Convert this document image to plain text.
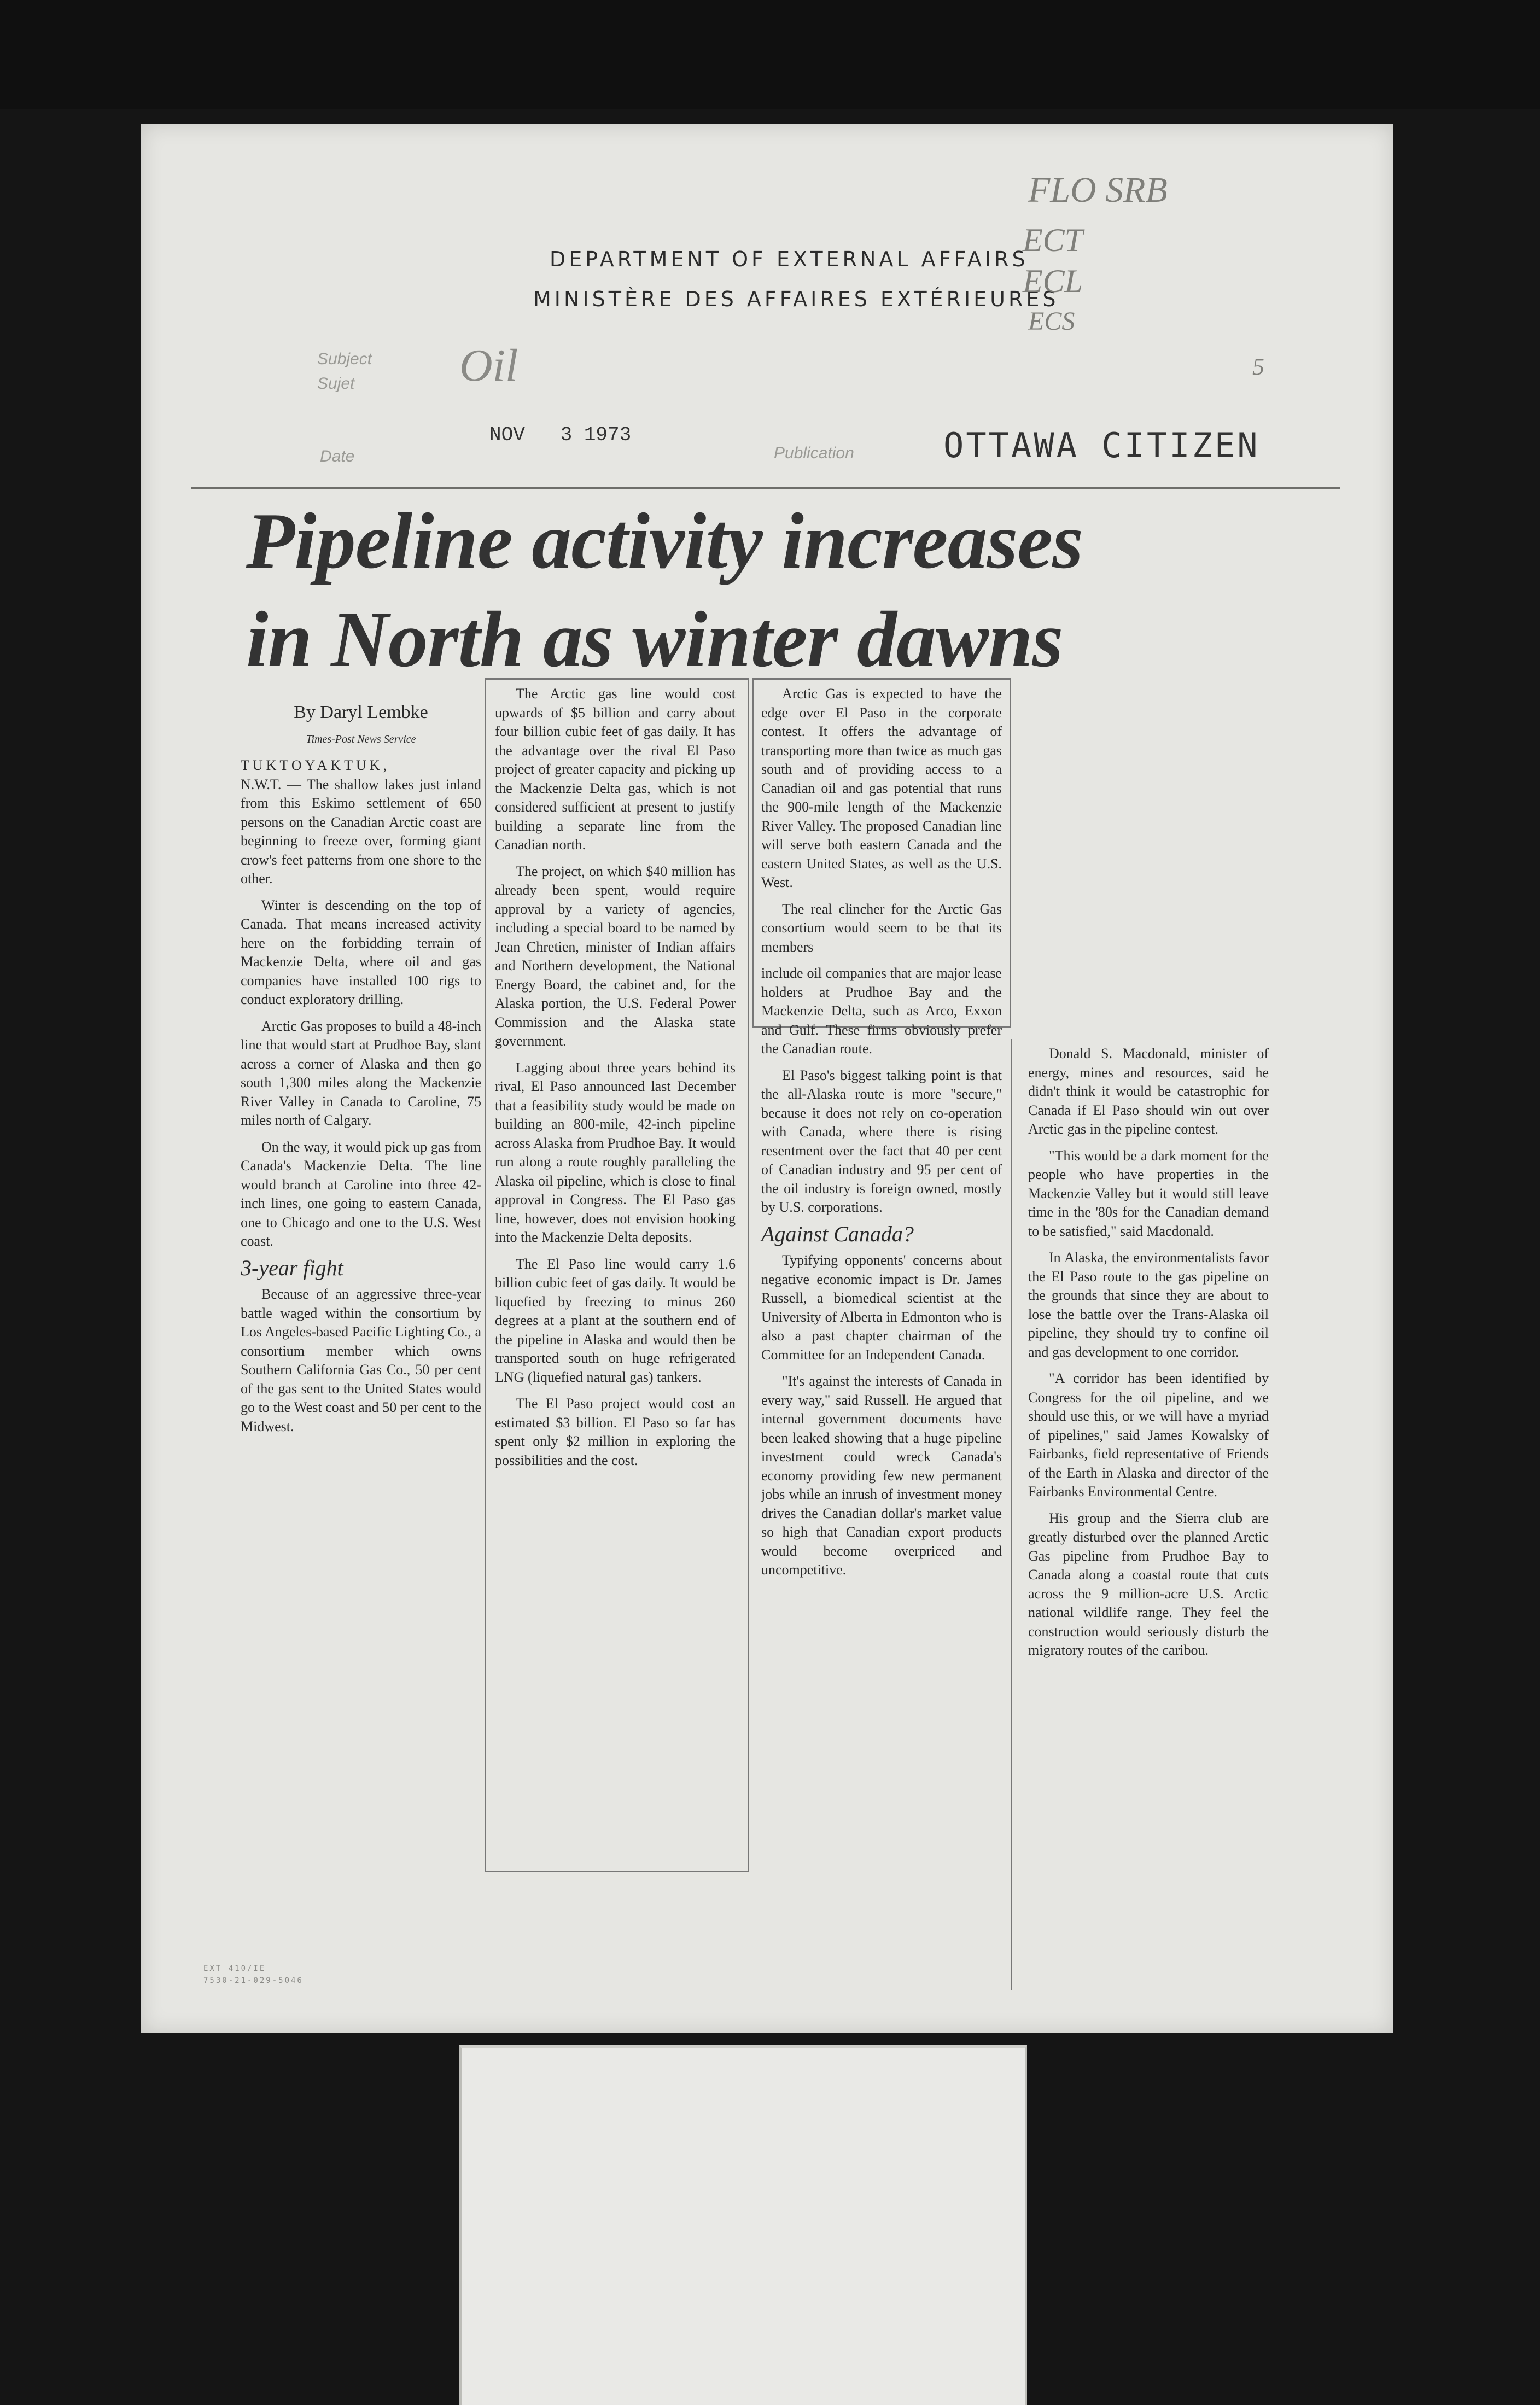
DEPARTMENT OF EXTERNAL AFFAIRS
MINISTÈRE DES AFFAIRES EXTÉRIEURES
FLO SRB
ECT
ECL
ECS
5
Subject
Sujet Oil
Date
NOV   3 1973
Publication	OTTAWA CITIZEN
Pipeline activity increases
in North as winter dawns

By Daryl Lembke

Times-Post News Service

TUKTOYAKTUK,

N.W.T. — The shallow lakes just inland from this Eskimo settlement of 650 persons on the Canadian Arctic coast are beginning to freeze over, forming giant crow's feet patterns from one shore to the other.

Winter is descending on the top of Canada. That means increased activity here on the forbidding terrain of Mackenzie Delta, where oil and gas companies have installed 100 rigs to conduct exploratory drilling.

Arctic Gas proposes to build a 48-inch line that would start at Prudhoe Bay, slant across a corner of Alaska and then go south 1,300 miles along the Mackenzie River Valley in Canada to Caroline, 75 miles north of Calgary.

On the way, it would pick up gas from Canada's Mackenzie Delta. The line would branch at Caroline into three 42-inch lines, one going to eastern Canada, one to Chicago and one to the U.S. West coast.

3-year fight

Because of an aggressive three-year battle waged within the consortium by Los Angeles-based Pacific Lighting Co., a consortium member which owns Southern California Gas Co., 50 per cent of the gas sent to the United States would go to the West coast and 50 per cent to the Midwest.

The Arctic gas line would cost upwards of $5 billion and carry about four billion cubic feet of gas daily. It has the advantage over the rival El Paso project of greater capacity and picking up the Mackenzie Delta gas, which is not considered sufficient at present to justify building a separate line from the Canadian north.

The project, on which $40 million has already been spent, would require approval by a variety of agencies, including a special board to be named by Jean Chretien, minister of Indian affairs and Northern development, the National Energy Board, the cabinet and, for the Alaska portion, the U.S. Federal Power Commission and the Alaska state government.

Lagging about three years behind its rival, El Paso announced last December that a feasibility study would be made on building an 800-mile, 42-inch pipeline across Alaska from Prudhoe Bay. It would run along a route roughly paralleling the Alaska oil pipeline, which is close to final approval in Congress. The El Paso gas line, however, does not envision hooking into the Mackenzie Delta deposits.

The El Paso line would carry 1.6 billion cubic feet of gas daily. It would be liquefied by freezing to minus 260 degrees at a plant at the southern end of the pipeline in Alaska and would then be transported south on huge refrigerated LNG (liquefied natural gas) tankers.

The El Paso project would cost an estimated $3 billion. El Paso so far has spent only $2 million in exploring the possibilities and the cost.

Arctic Gas is expected to have the edge over El Paso in the corporate contest. It offers the advantage of transporting more than twice as much gas south and of providing access to a Canadian oil and gas potential that runs the 900-mile length of the Mackenzie River Valley. The proposed Canadian line will serve both eastern Canada and the eastern United States, as well as the U.S. West.

The real clincher for the Arctic Gas consortium would seem to be that its members

include oil companies that are major lease holders at Prudhoe Bay and the Mackenzie Delta, such as Arco, Exxon and Gulf. These firms obviously prefer the Canadian route.

El Paso's biggest talking point is that the all-Alaska route is more "secure," because it does not rely on co-operation with Canada, where there is rising resentment over the fact that 40 per cent of Canadian industry and 95 per cent of the oil industry is foreign owned, mostly by U.S. corporations.

Against Canada?

Typifying opponents' concerns about negative economic impact is Dr. James Russell, a biomedical scientist at the University of Alberta in Edmonton who is also a past chapter chairman of the Committee for an Independent Canada.

"It's against the interests of Canada in every way," said Russell. He argued that internal government documents have been leaked showing that a huge pipeline investment could wreck Canada's economy providing few new permanent jobs while an inrush of investment money drives the Canadian dollar's market value so high that Canadian export products would become overpriced and uncompetitive.

Donald S. Macdonald, minister of energy, mines and resources, said he didn't think it would be catastrophic for Canada if El Paso should win out over Arctic gas in the pipeline contest.

"This would be a dark moment for the people who have properties in the Mackenzie Valley but it would still leave time in the '80s for the Canadian demand to be satisfied," said Macdonald.

In Alaska, the environmentalists favor the El Paso route to the gas pipeline on the grounds that since they are about to lose the battle over the Trans-Alaska oil pipeline, they should try to confine oil and gas development to one corridor.

"A corridor has been identified by Congress for the oil pipeline, and we should use this, or we will have a myriad of pipelines," said James Kowalsky of Fairbanks, field representative of Friends of the Earth in Alaska and director of the Fairbanks Environmental Centre.

His group and the Sierra club are greatly disturbed over the planned Arctic Gas pipeline from Prudhoe Bay to Canada along a coastal route that cuts across the 9 million-acre U.S. Arctic national wildlife range. They feel the construction would seriously disturb the migratory routes of the caribou.

EXT 410/IE
7530-21-029-5046
